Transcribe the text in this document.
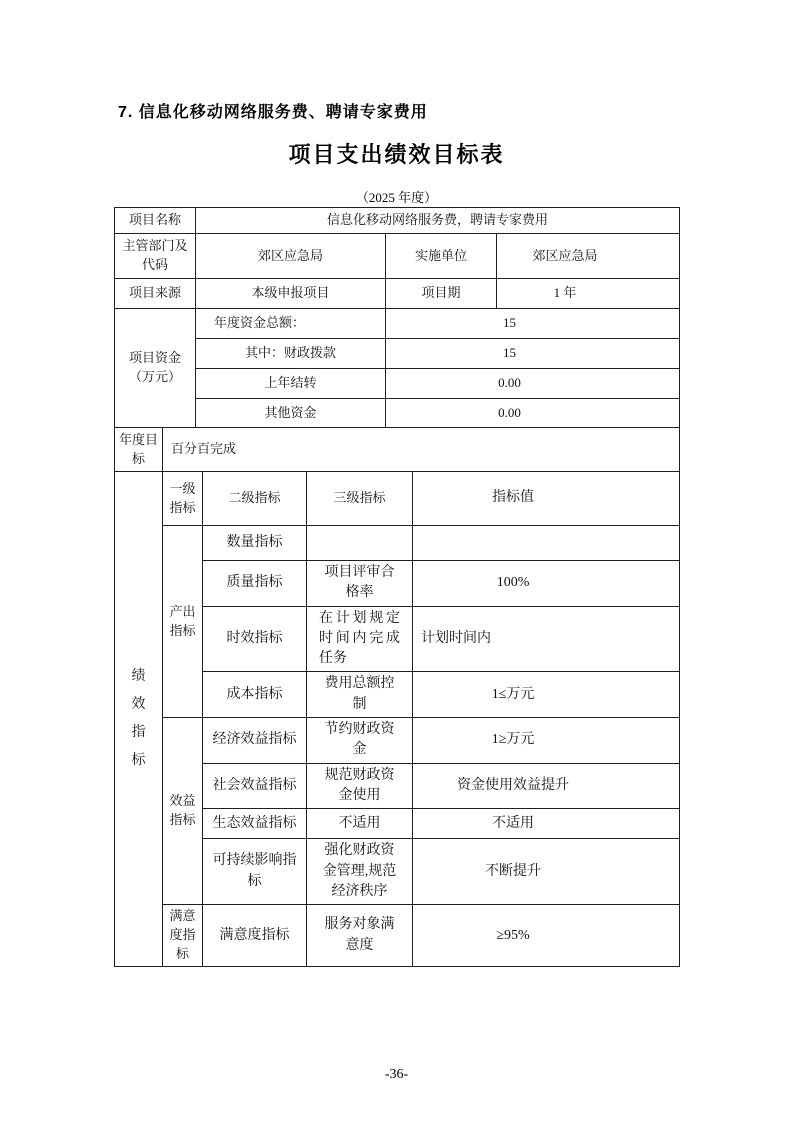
7. 信息化移动网络服务费、聘请专家费用
项目支出绩效目标表
（2025 年度）
项目名称		信息化移动网络服务费，聘请专家费用					
主管部门及代码		郊区应急局			实施单位		郊区应急局
项目来源		本级申报项目			项目期		1 年
项目资金（万元）		年度资金总额：			15		
		其中：财政拨款			15		
		上年结转			0.00		
		其他资金			0.00		
年度目标	百分百完成						

绩效指标	一级指标		二级指标	三级指标		指标值	
	产出指标		数量指标				
			质量指标	项目评审合格率		100%	
			时效指标	在计划规定时间内完成任务		计划时间内	
			成本指标	费用总额控制		1≤万元	
	效益指标		经济效益指标	节约财政资金		1≥万元	
			社会效益指标	规范财政资金使用		资金使用效益提升	
			生态效益指标	不适用		不适用	
			可持续影响指标	强化财政资金管理,规范经济秩序		不断提升	
	满意度指标		满意度指标	服务对象满意度		≥95%	
-36-
